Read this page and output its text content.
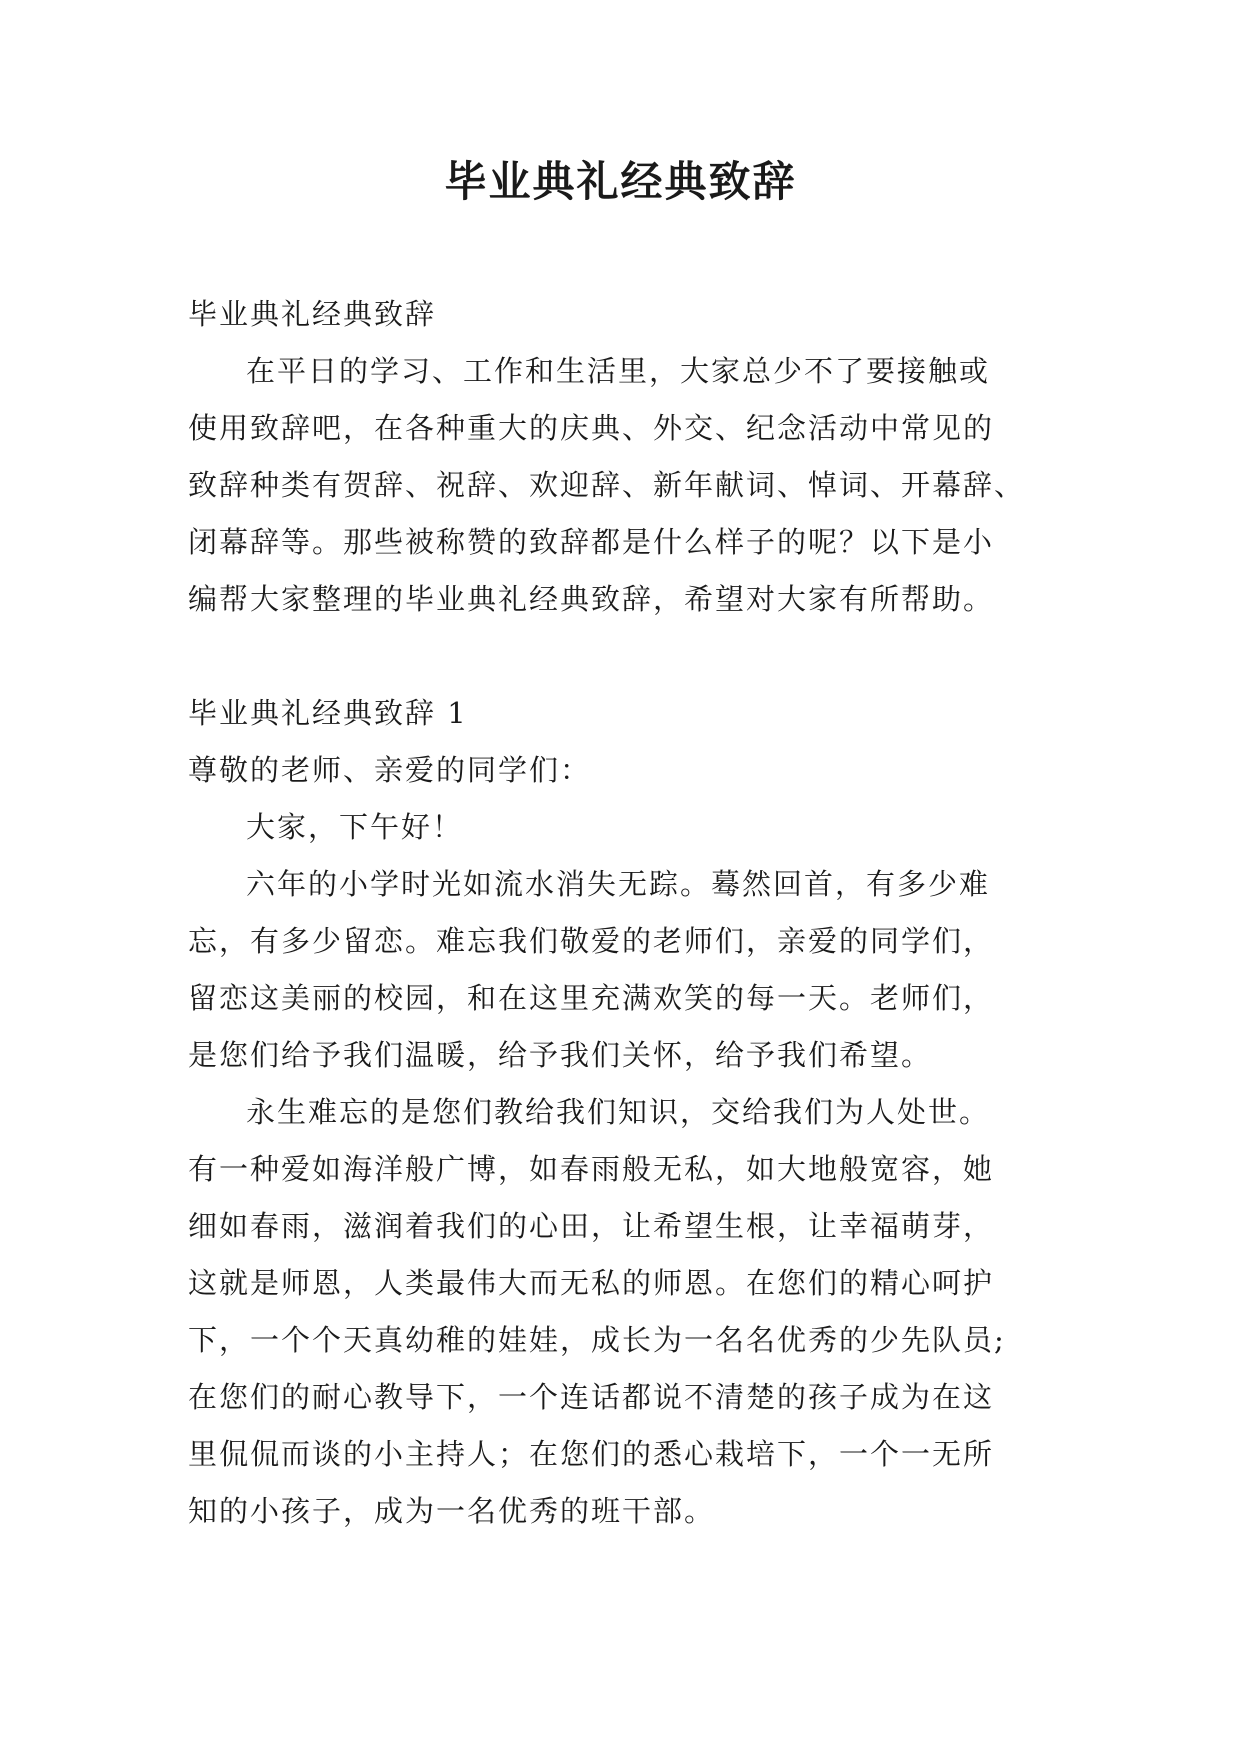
毕业典礼经典致辞

毕业典礼经典致辞

在平日的学习、工作和生活里，大家总少不了要接触或

使用致辞吧，在各种重大的庆典、外交、纪念活动中常见的

致辞种类有贺辞、祝辞、欢迎辞、新年献词、悼词、开幕辞、

闭幕辞等。那些被称赞的致辞都是什么样子的呢？以下是小

编帮大家整理的毕业典礼经典致辞，希望对大家有所帮助。

毕业典礼经典致辞 1

尊敬的老师、亲爱的同学们：

大家，下午好！

六年的小学时光如流水消失无踪。蓦然回首，有多少难

忘，有多少留恋。难忘我们敬爱的老师们，亲爱的同学们，

留恋这美丽的校园，和在这里充满欢笑的每一天。老师们，

是您们给予我们温暖，给予我们关怀，给予我们希望。

永生难忘的是您们教给我们知识，交给我们为人处世。

有一种爱如海洋般广博，如春雨般无私，如大地般宽容，她

细如春雨，滋润着我们的心田，让希望生根，让幸福萌芽，

这就是师恩，人类最伟大而无私的师恩。在您们的精心呵护

下，一个个天真幼稚的娃娃，成长为一名名优秀的少先队员;

在您们的耐心教导下，一个连话都说不清楚的孩子成为在这

里侃侃而谈的小主持人；在您们的悉心栽培下，一个一无所

知的小孩子，成为一名优秀的班干部。
